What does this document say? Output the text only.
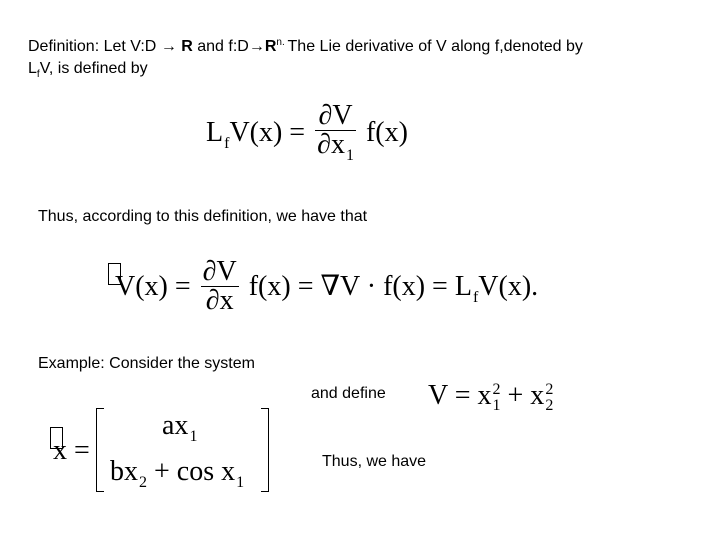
Definition: Let V:D → R and $f:D\to R^{n.}$ The Lie derivative of V along f,denoted by
$L_fV$, is defined by
$L_fV(x) = \frac{\partial V}{\partial x_1} f(x)$
Thus, according to this definition, we have that
$V(x) = \frac{\partial V}{\partial x} f(x) = \nabla V \cdot f(x) = L_fV(x)$.
Example: Consider the system
and define V = x 2
1 + x 2
2
x =
$ax_1$
$bx_2 + \cos x_1$
Thus, we have
